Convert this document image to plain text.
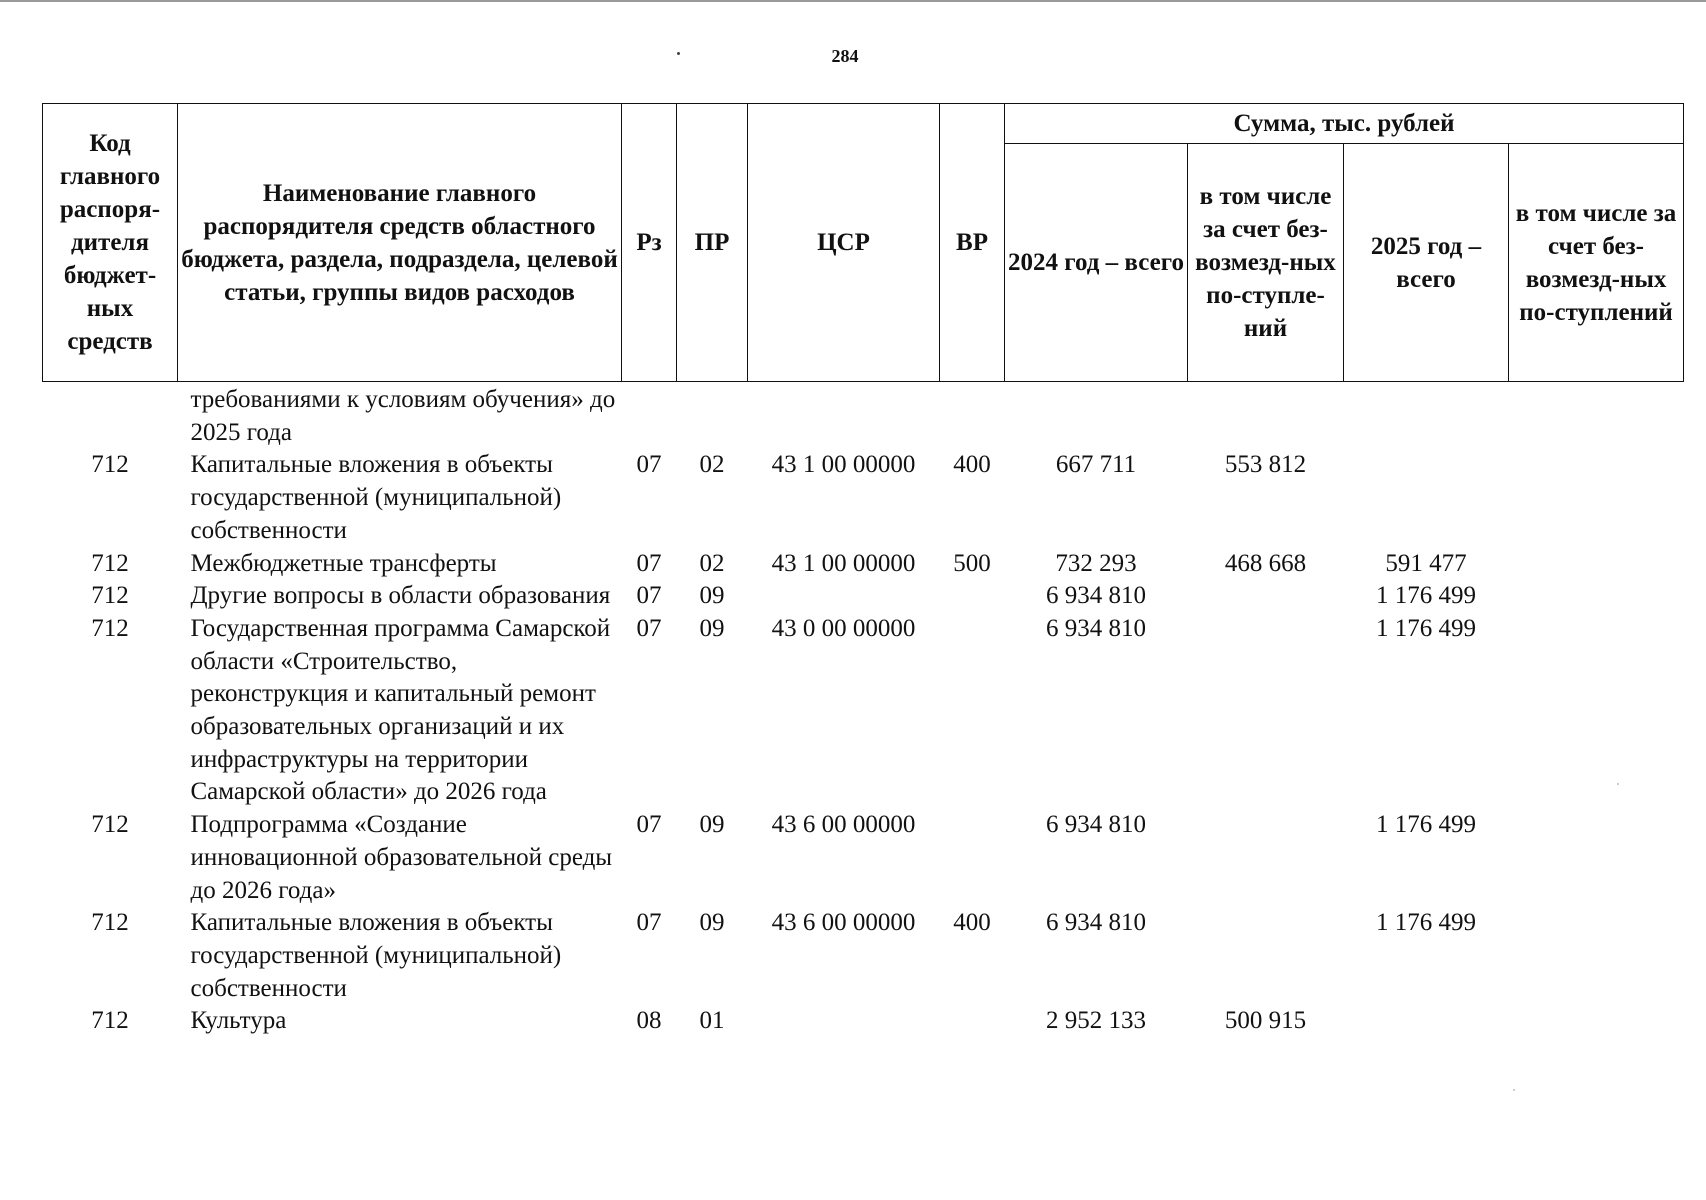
284
Код главного распоря-дителя бюджет-ных средств	Наименование главного распорядителя средств областного бюджета, раздела, подраздела, целевой статьи, группы видов расходов	Рз	ПР	ЦСР	ВР	Сумма, тыс. рублей			
						2024 год – всего	в том числе за счет без-возмезд-ных по-ступле-ний	2025 год – всего	в том числе за счет без-возмезд-ных по-ступлений
	требованиями к условиям обучения» до 2025 года								
712	Капитальные вложения в объекты государственной (муниципальной) собственности	07	02	43 1 00 00000	400	667 711	553 812		
712	Межбюджетные трансферты	07	02	43 1 00 00000	500	732 293	468 668	591 477	
712	Другие вопросы в области образования	07	09			6 934 810		1 176 499	
712	Государственная программа Самарской области «Строительство, реконструкция и капитальный ремонт образовательных организаций и их инфраструктуры на территории Самарской области» до 2026 года	07	09	43 0 00 00000		6 934 810		1 176 499	
712	Подпрограмма «Создание инновационной образовательной среды до 2026 года»	07	09	43 6 00 00000		6 934 810		1 176 499	
712	Капитальные вложения в объекты государственной (муниципальной) собственности	07	09	43 6 00 00000	400	6 934 810		1 176 499	
712	Культура	08	01			2 952 133	500 915		
